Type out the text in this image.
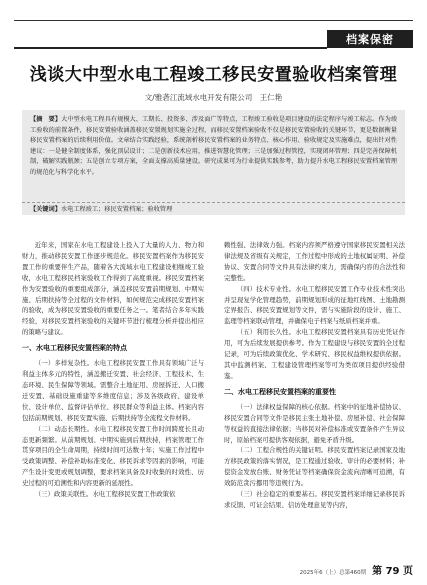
档案保密
浅谈大中型水电工程竣工移民安置验收档案管理
文/雅砻江流域水电开发有限公司　王仁艳
【摘　要】大中型水电工程具有规模大、工期长、投资多、涉及面广等特点，工程竣工验收是项目建设的法定程序与竣工标志。作为竣工验收的前置条件，移民安置验收涵盖移民安置规划实施全过程，而移民安置档案验收不仅是移民安置验收的关键环节，更是数据衡量移民安置档案的后续利用价值。文章结合实践经验，系统剖析移民安置档案的业务特点、核心作用、验收规定及实施难点，提出针对性建议：一是健全制度体系，强化顶层设计；二是创新技术应用，推进智慧化管理；三是加强过程管控，实现闭环管理；四是完善保障机制，破解实践瓶颈；五是创立专项方案，全面支撑高质量建设。研究成果可为行业提供实践参考，助力提升水电工程移民安置档案管理的规范化与科学化水平。
【关键词】水电工程竣工；移民安置档案；验收管理

近年来，国家在水电工程建设上投入了大量的人力、物力和财力，推动移民安置工作逐步规范化。移民安置档案作为移民安置工作的重要伴生产品，随着各大流域水电工程建设相继竣工验收，水电工程移民档案验收工作得到了高度重视。移民安置档案作为安置验收的重要组成部分，涵盖移民安置前期规划、中期实施、后期扶持等全过程的文件材料，如何规范完成移民安置档案的验收，成为移民安置验收的重要任务之一。笔者结合多年实践经验，对移民安置档案验收的关键环节进行梳理分析并提出相应的策略与建议。

一、水电工程移民安置档案的特点

（一）多样复杂性。水电工程移民安置工作具有领域广泛与利益主体多元的特性，涵盖搬迁安置、社会经济、工程技术、生态环境、民生保障等领域。需整合土地征用、房屋拆迁、人口搬迁安置、基础设施重建等多维度信息；涉及各级政府、建设单位、设计单位、监督评估单位、移民群众等利益主体。档案内容包括前期规划、移民安置实施、后期扶持等全流程文件材料。

（二）动态长期性。水电工程移民安置工作时间跨度长且动态更新频繁。从前期规划、中期实施到后期扶持，档案管理工作贯穿项目的全生命周期，持续时间可达数十年；实施工作过程中受政策调整、补偿补助标准变化、移民诉求等因素的影响，可能产生设计变更或规划调整，要求档案具备及时收集的时效性、历史过程的可追溯性和内容更新的延展性。

（三）政策关联性。水电工程移民安置工作政策依

赖性强、法律效力强。档案内容须严格遵守国家移民安置相关法律法规及省级有关规定，工作过程中形成的土地权属证明、补偿协议、安置合同等文件具有法律约束力，需确保内容的合法性和完整性。

（四）技术专业性。水电工程移民安置工作专业技术性突出并呈现复学化管理趋势，前期规划形成的征地红线图、土地勘测定界报告、移民安置规划等文件，需与实施阶段的设计、施工、监理等档案联动管理，并确保电子档案与纸质档案并重。

（五）利用长久性。水电工程移民安置档案具有历史凭证作用，可为后续发展提供参考。作为工程建设与移民安置的全过程记录，可为后续政策优化、学术研究、移民权益维权提供依据。其中监测档案、工程建设管理档案等可为类似项目提供经验借鉴。

二、水电工程移民安置档案的重要性

（一）法律权益保障的核心依据。档案中的征地补偿协议、移民安置合同等文件是移民主张土地补偿、房屋补偿、社会保障等权益的直接法律依据；当移民对补偿标准或安置条件产生异议时，原始档案可提供客观依据，避免矛盾升级。

（二）工程合规性的关键证明。移民安置档案记录国家及地方移民政策的落实情况，是工程通过验收、审计的必要材料；补偿资金发放台账、财务凭证等档案确保资金流向清晰可追溯，有效防范贪污挪用等违规行为。

（三）社会稳定的重要基石。移民安置档案详细记录移民诉求反馈、可证会结果、信访处理意见等内容，

2025年6（上）总第460期 第 79 页
